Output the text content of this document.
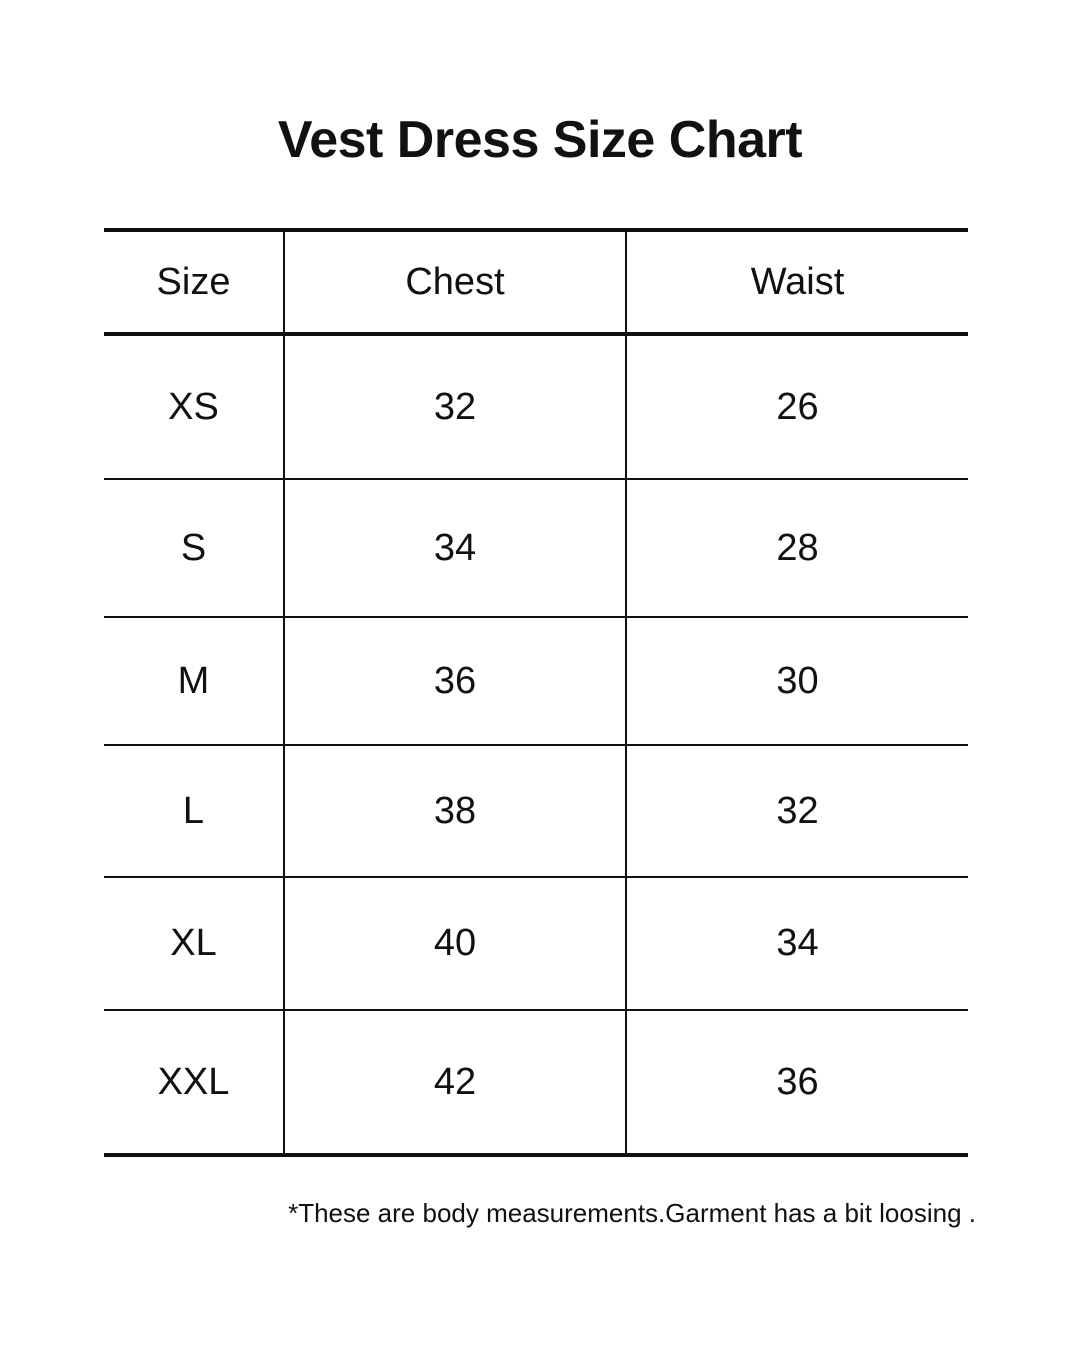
Vest Dress Size Chart
Size	Chest	Waist
XS	32	26
S	34	28
M	36	30
L	38	32
XL	40	34
XXL	42	36

*These are body measurements.Garment has a bit loosing .
